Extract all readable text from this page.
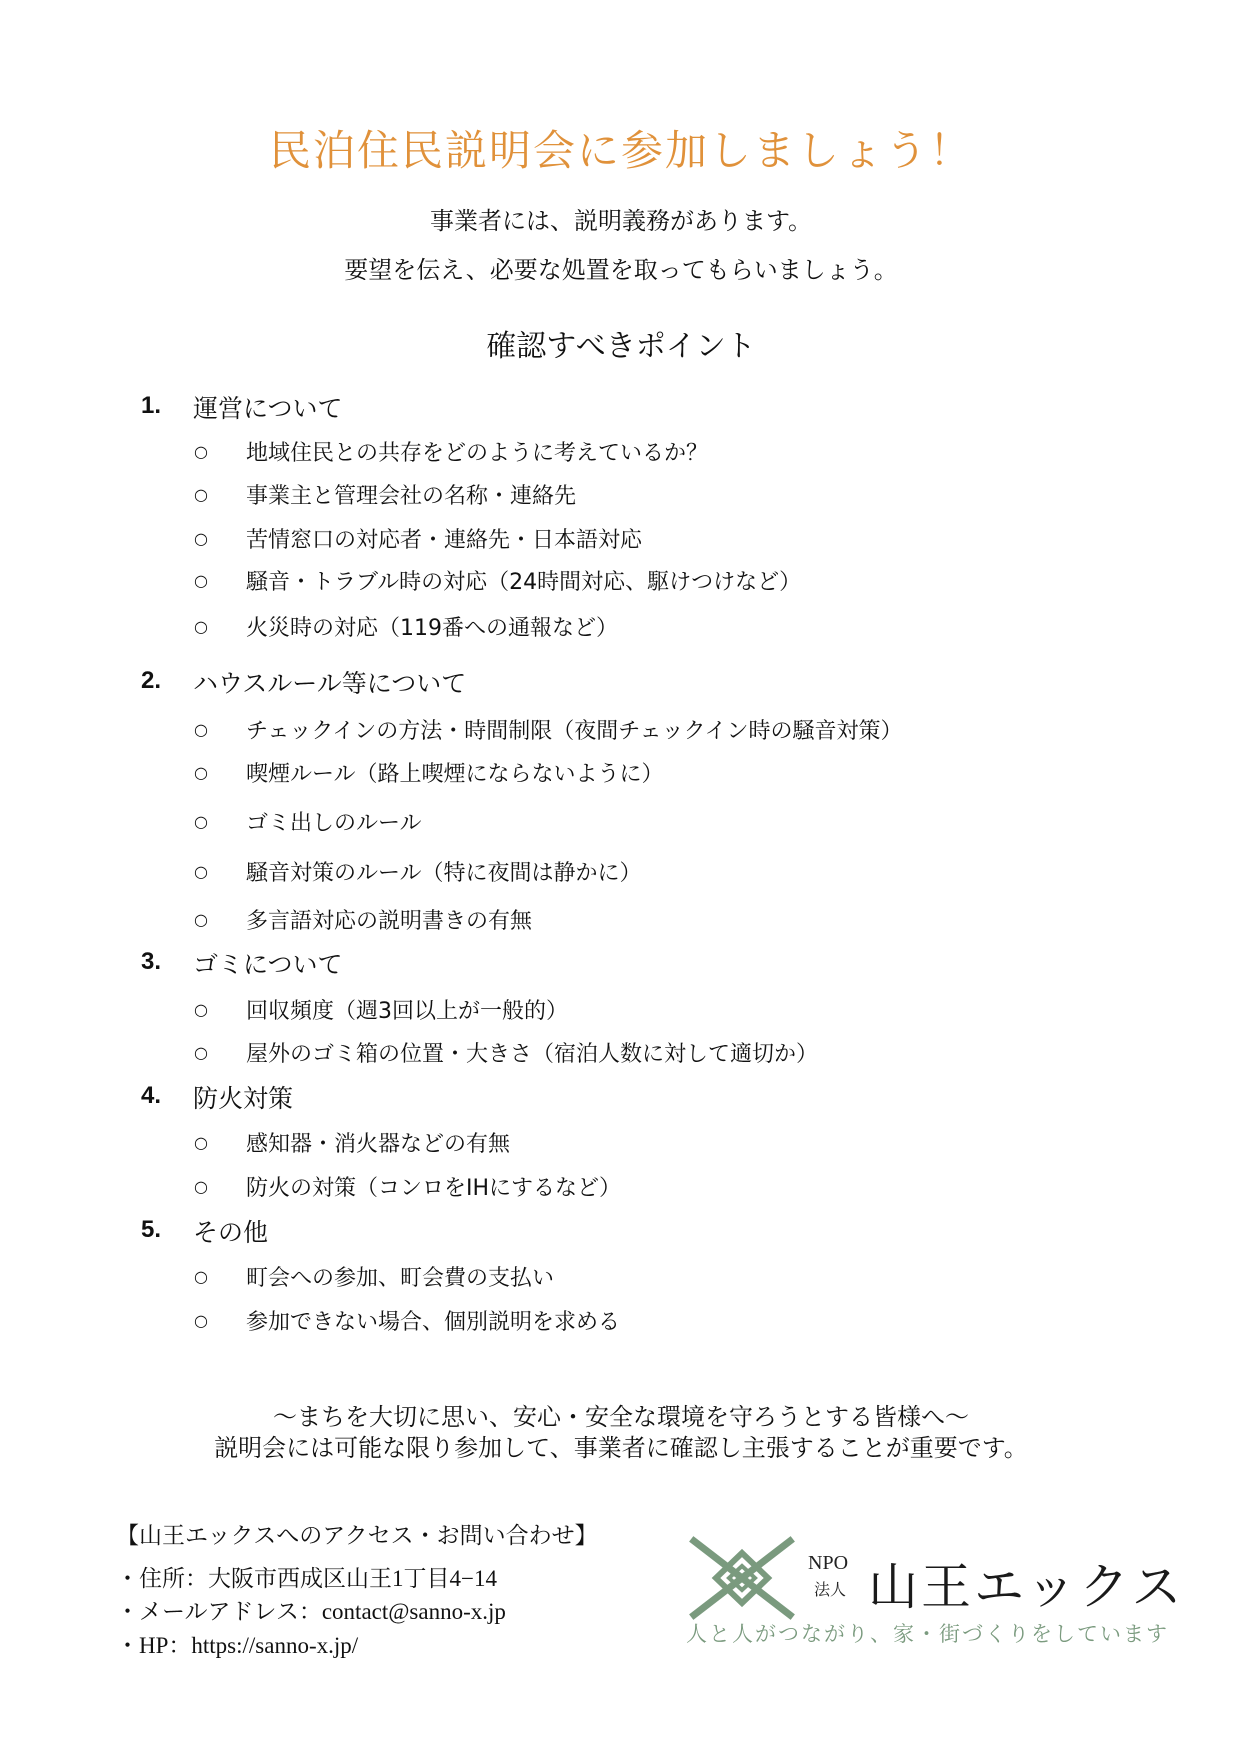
民泊住民説明会に参加しましょう！
事業者には、説明義務があります。
要望を伝え、必要な処置を取ってもらいましょう。
確認すべきポイント
1. 運営について
○ 地域住民との共存をどのように考えているか？
○ 事業主と管理会社の名称・連絡先
○ 苦情窓口の対応者・連絡先・日本語対応
○ 騒音・トラブル時の対応（24時間対応、駆けつけなど）
○ 火災時の対応（119番への通報など）
2. ハウスルール等について
○ チェックインの方法・時間制限（夜間チェックイン時の騒音対策）
○ 喫煙ルール（路上喫煙にならないように）
○ ゴミ出しのルール
○ 騒音対策のルール（特に夜間は静かに）
○ 多言語対応の説明書きの有無
3. ゴミについて
○ 回収頻度（週3回以上が一般的）
○ 屋外のゴミ箱の位置・大きさ（宿泊人数に対して適切か）
4. 防火対策
○ 感知器・消火器などの有無
○ 防火の対策（コンロをIHにするなど）
5. その他
○ 町会への参加、町会費の支払い
○ 参加できない場合、個別説明を求める
～まちを大切に思い、安心・安全な環境を守ろうとする皆様へ～
説明会には可能な限り参加して、事業者に確認し主張することが重要です。
【山王エックスへのアクセス・お問い合わせ】
・住所：大阪市西成区山王1丁目4−14
・メールアドレス：contact@sanno-x.jp
・HP：https://sanno-x.jp/
NPO
法人 山王エックス
人と人がつながり、家・街づくりをしています
